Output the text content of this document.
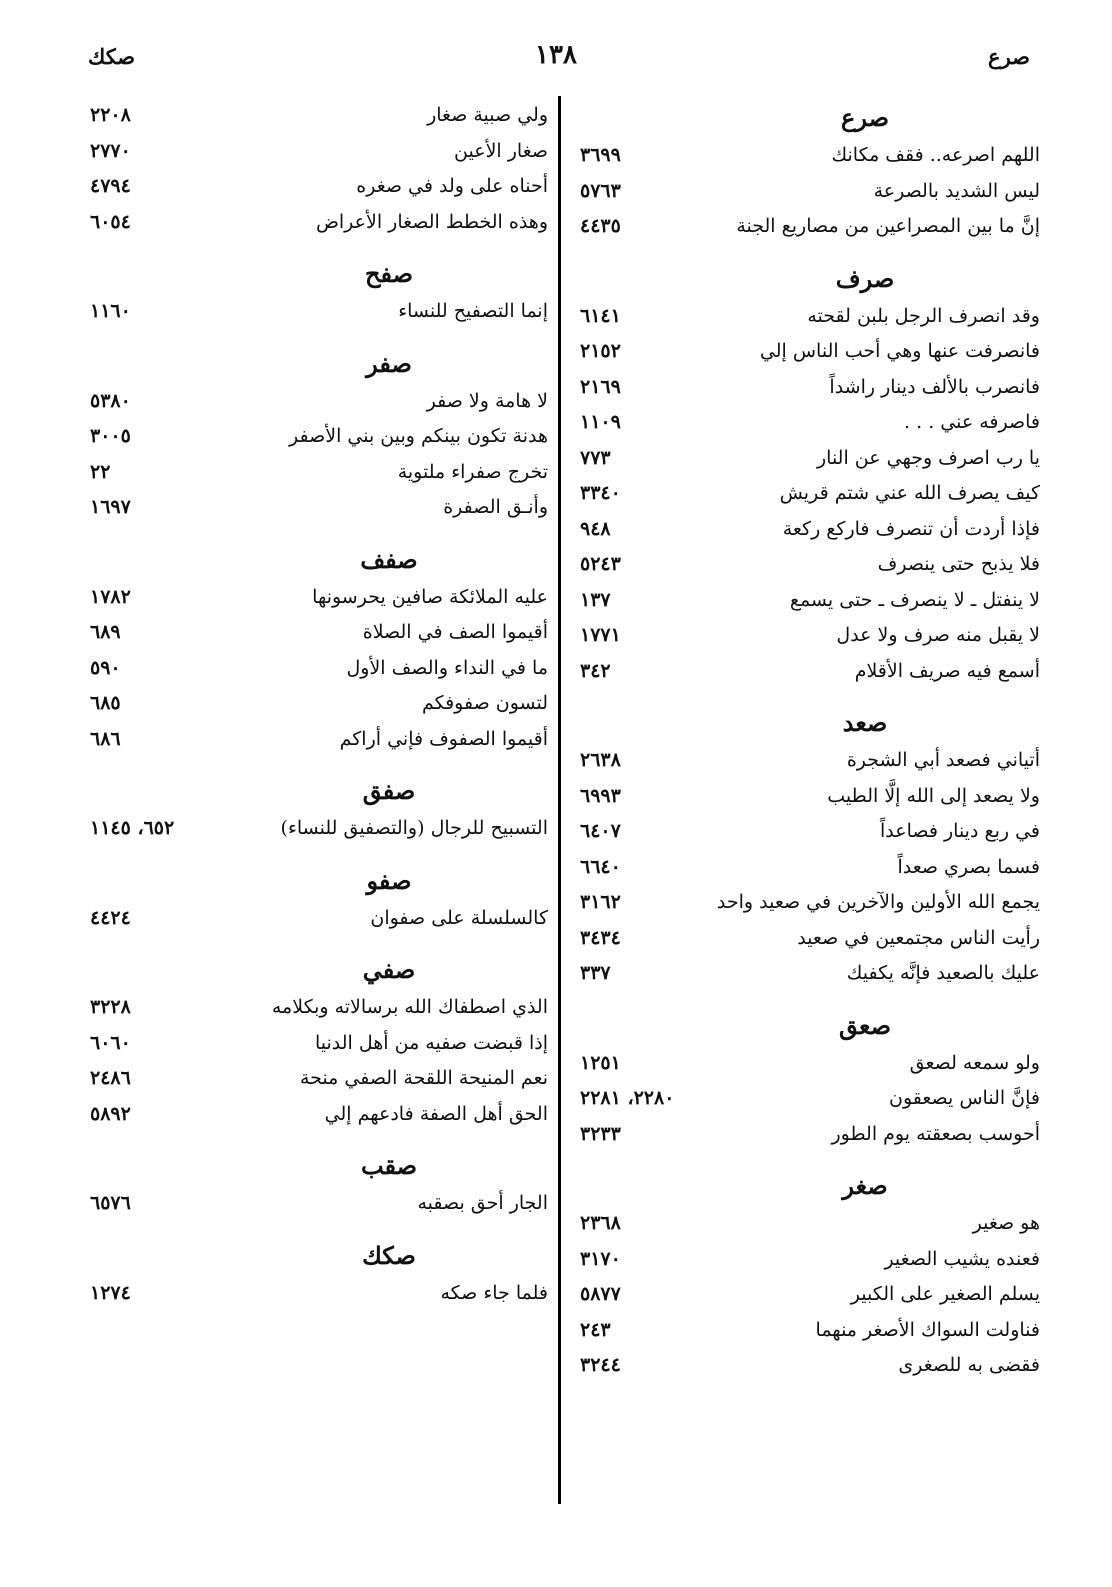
صرع
١٣٨
صكك
صرع
اللهم اصرعه.. فقف مكانك
٣٦٩٩
ليس الشديد بالصرعة
٥٧٦٣
إنَّ ما بين المصراعين من مصاريع الجنة
٤٤٣٥
صرف
وقد انصرف الرجل بلبن لقحته
٦١٤١
فانصرفت عنها وهي أحب الناس إلي
٢١٥٢
فانصرب بالألف دينار راشداً
٢١٦٩
فاصرفه عني . . .
١١٠٩
يا رب اصرف وجهي عن النار
٧٧٣
كيف يصرف الله عني شتم قريش
٣٣٤٠
فإذا أردت أن تنصرف فاركع ركعة
٩٤٨
فلا يذبح حتى ينصرف
٥٢٤٣
لا ينفتل ـ لا ينصرف ـ حتى يسمع
١٣٧
لا يقبل منه صرف ولا عدل
١٧٧١
أسمع فيه صريف الأقلام
٣٤٢
صعد
أتياني فصعد أبي الشجرة
٢٦٣٨
ولا يصعد إلى الله إلَّا الطيب
٦٩٩٣
في ربع دينار فصاعداً
٦٤٠٧
فسما بصري صعداً
٦٦٤٠
يجمع الله الأولين والآخرين في صعيد واحد
٣١٦٢
رأيت الناس مجتمعين في صعيد
٣٤٣٤
عليك بالصعيد فإنَّه يكفيك
٣٣٧
صعق
ولو سمعه لصعق
١٢٥١
فإنَّ الناس يصعقون
٢٢٨٠، ٢٢٨١
أحوسب بصعقته يوم الطور
٣٢٣٣
صغر
هو صغير
٢٣٦٨
فعنده يشيب الصغير
٣١٧٠
يسلم الصغير على الكبير
٥٨٧٧
فناولت السواك الأصغر منهما
٢٤٣
فقضى به للصغرى
٣٢٤٤
ولي صبية صغار
٢٢٠٨
صغار الأعين
٢٧٧٠
أحناه على ولد في صغره
٤٧٩٤
وهذه الخطط الصغار الأعراض
٦٠٥٤
صفح
إنما التصفيح للنساء
١١٦٠
صفر
لا هامة ولا صفر
٥٣٨٠
هدنة تكون بينكم وبين بني الأصفر
٣٠٠٥
تخرج صفراء ملتوية
٢٢
وأنـق الصفرة
١٦٩٧
صفف
عليه الملائكة صافين يحرسونها
١٧٨٢
أقيموا الصف في الصلاة
٦٨٩
ما في النداء والصف الأول
٥٩٠
لتسون صفوفكم
٦٨٥
أقيموا الصفوف فإني أراكم
٦٨٦
صفق
التسبيح للرجال (والتصفيق للنساء)
٦٥٢، ١١٤٥
صفو
كالسلسلة على صفوان
٤٤٢٤
صفي
الذي اصطفاك الله برسالاته وبكلامه
٣٢٢٨
إذا قبضت صفيه من أهل الدنيا
٦٠٦٠
نعم المنيحة اللقحة الصفي منحة
٢٤٨٦
الحق أهل الصفة فادعهم إلي
٥٨٩٢
صقب
الجار أحق بصقبه
٦٥٧٦
صكك
فلما جاء صكه
١٢٧٤
